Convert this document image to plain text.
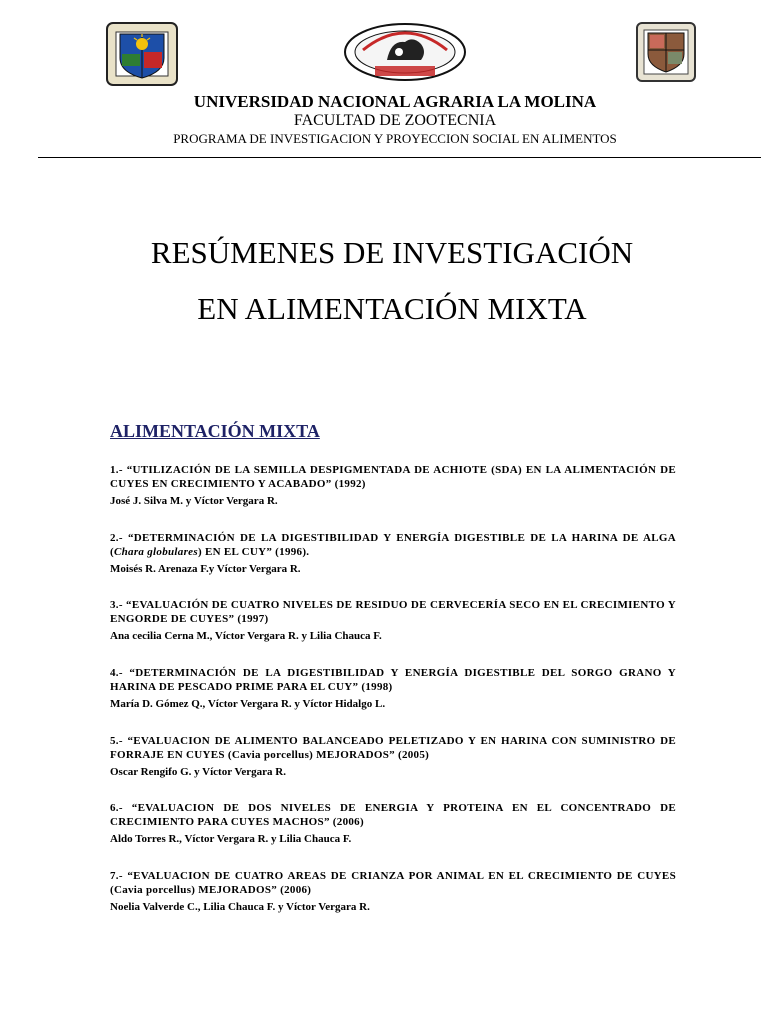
UNIVERSIDAD NACIONAL AGRARIA LA MOLINA
FACULTAD DE ZOOTECNIA
PROGRAMA DE INVESTIGACION Y PROYECCION SOCIAL EN ALIMENTOS
RESÚMENES DE INVESTIGACIÓN
EN ALIMENTACIÓN MIXTA
ALIMENTACIÓN MIXTA
1.- “UTILIZACIÓN DE LA SEMILLA DESPIGMENTADA DE ACHIOTE (SDA) EN LA ALIMENTACIÓN DE CUYES EN CRECIMIENTO Y ACABADO” (1992)
José J. Silva M. y Víctor Vergara R.
2.- “DETERMINACIÓN DE LA DIGESTIBILIDAD Y ENERGÍA DIGESTIBLE DE LA HARINA DE ALGA (Chara globulares) EN EL CUY” (1996).
Moisés R. Arenaza F.y Víctor Vergara R.
3.- “EVALUACIÓN DE CUATRO NIVELES DE RESIDUO DE CERVECERÍA SECO EN EL CRECIMIENTO Y ENGORDE DE CUYES” (1997)
Ana cecilia Cerna M., Víctor Vergara R. y Lilia Chauca F.
4.- “DETERMINACIÓN DE LA DIGESTIBILIDAD Y ENERGÍA DIGESTIBLE DEL SORGO GRANO Y HARINA DE PESCADO PRIME PARA EL CUY” (1998)
María D. Gómez Q., Víctor Vergara R. y Víctor Hidalgo L.
5.- “EVALUACION DE ALIMENTO BALANCEADO PELETIZADO Y EN HARINA CON SUMINISTRO DE FORRAJE EN CUYES (Cavia porcellus) MEJORADOS” (2005)
Oscar Rengifo G. y Víctor Vergara R.
6.- “EVALUACION DE DOS NIVELES DE ENERGIA Y PROTEINA EN EL CONCENTRADO DE CRECIMIENTO PARA CUYES MACHOS” (2006)
Aldo Torres R., Víctor Vergara R. y Lilia Chauca F.
7.- “EVALUACION DE CUATRO AREAS DE CRIANZA POR ANIMAL EN EL CRECIMIENTO DE CUYES (Cavia porcellus) MEJORADOS” (2006)
Noelia Valverde C., Lilia Chauca F. y Víctor Vergara R.
